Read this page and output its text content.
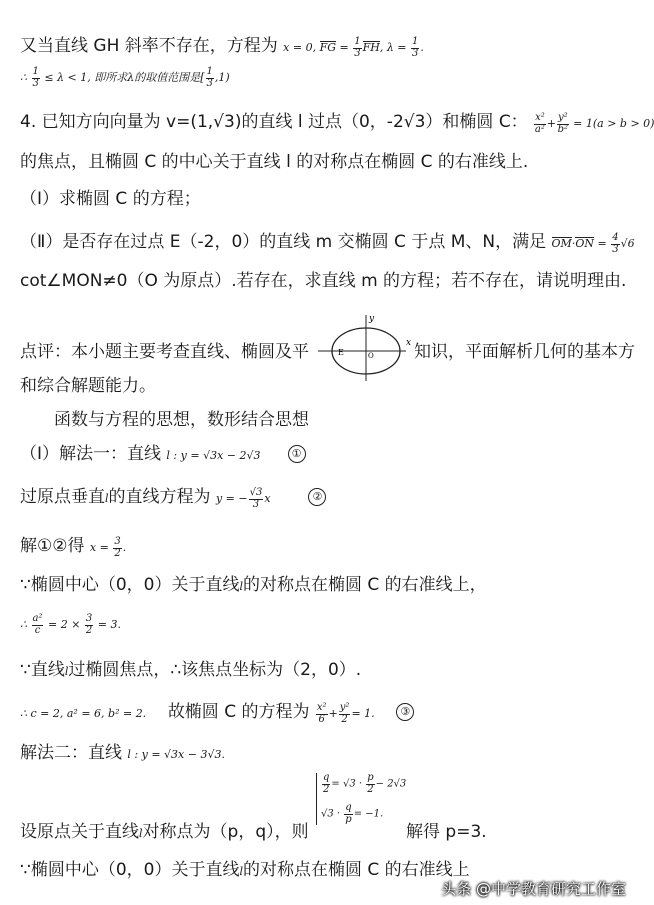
又当直线 GH 斜率不存在，方程为 x = 0, FG = $\frac{1}{3}$ FH, $\lambda = \frac{1}{3}$ .
∴ $\frac{1}{3} \le \lambda < 1$, 即所求λ的取值范围是[ $\frac{1}{3} ,1$)
4. 已知方向向量为 v=(1,√3)的直线 l 过点（0，-2√3）和椭圆 C： $\frac{\text{x²}}{\text{a²}} + \frac{\text{y²}}{\text{b²}} = 1(a > b > 0)$
的焦点，且椭圆 C 的中心关于直线 l 的对称点在椭圆 C 的右准线上.
（Ⅰ）求椭圆 C 的方程；
（Ⅱ）是否存在过点 E（-2，0）的直线 m 交椭圆 C 于点 M、N，满足 $OM\cdot ON = \frac{4}{3} √6$
cot∠MON≠0（O 为原点）.若存在，求直线 m 的方程；若不存在，请说明理由.
点评：本小题主要考查直线、椭圆及平	x
y
E	O 知识，平面解析几何的基本方
和综合解题能力。
函数与方程的思想，数形结合思想
（Ⅰ）解法一：直线 l : y = √3x − 2√3	①
过原点垂直l的直线方程为 y = − $\frac{√3}{3}$ x	②
解①②得 $x = \frac{3}{2}$ .
∵椭圆中心（0，0）关于直线l的对称点在椭圆 C 的右准线上，
∴ $\frac{\text{a²}}{c} = 2 \times \frac{3}{2} = 3$.
∵直线l过椭圆焦点，∴该焦点坐标为（2，0）.
∴ c = 2, a² = 6, b² = 2. 故椭圆 C 的方程为 $\frac{\text{x²}}{6} + \frac{\text{y²}}{2} = 1$. ③
解法二：直线 l : y = √3x − 3√3.
$\frac{q}{2} = √3 \cdot \frac{p}{2} - 2√3$
$√3 \cdot \frac{q}{p} = -1$.
设原点关于直线l对称点为（p，q），则	解得 p=3.
∵椭圆中心（0，0）关于直线l的对称点在椭圆 C 的右准线上
头条 @中学教育研究工作室
